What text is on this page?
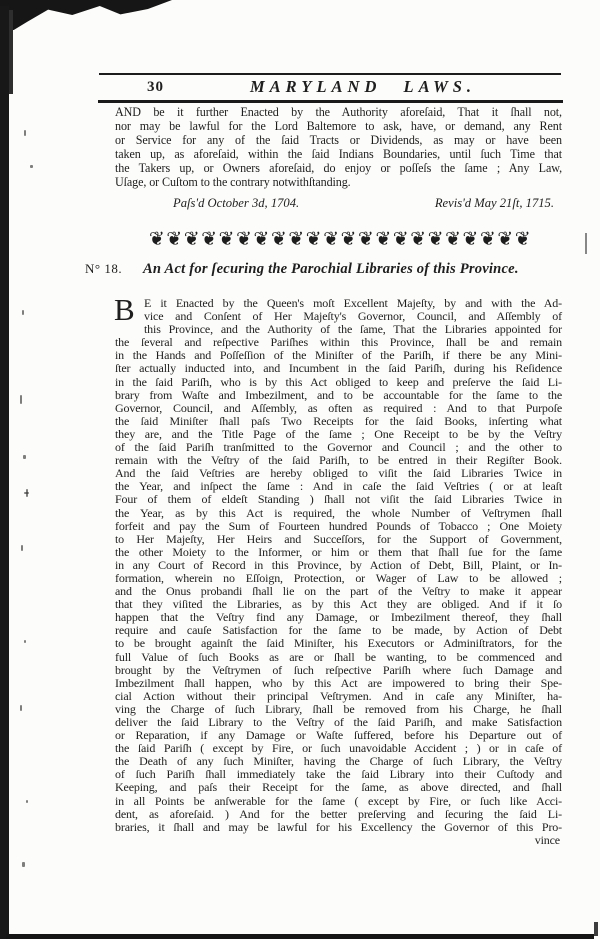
30	MARYLAND LAWS.
AND be it further Enacted by the Authority aforeſaid, That it ſhall not,
nor may be lawful for the Lord Baltemore to ask, have, or demand, any Rent
or Service for any of the ſaid Tracts or Dividends, as may or have been
taken up, as aforeſaid, within the ſaid Indians Boundaries, until ſuch Time that
the Takers up, or Owners aforeſaid, do enjoy or poſſeſs the ſame ; Any Law,
Uſage, or Cuſtom to the contrary notwithſtanding.
Paſs'd October 3d, 1704.	Revis'd May 21ſt, 1715.
❦❦❦❦❦❦❦❦❦❦❦❦❦❦❦❦❦❦❦❦❦❦
N° 18.	An Act for ſecuring the Parochial Libraries of this Province.
B E it Enacted by the Queen's moſt Excellent Majeſty, by and with the Ad-
vice and Conſent of Her Majeſty's Governor, Council, and Aſſembly of
this Province, and the Authority of the ſame, That the Libraries appointed for
the ſeveral and reſpective Pariſhes within this Province, ſhall be and remain
in the Hands and Poſſeſſion of the Miniſter of the Pariſh, if there be any Mini-
ſter actually inducted into, and Incumbent in the ſaid Pariſh, during his Reſidence
in the ſaid Pariſh, who is by this Act obliged to keep and preſerve the ſaid Li-
brary from Waſte and Imbezilment, and to be accountable for the ſame to the
Governor, Council, and Aſſembly, as often as required : And to that Purpoſe
the ſaid Miniſter ſhall paſs Two Receipts for the ſaid Books, inſerting what
they are, and the Title Page of the ſame ; One Receipt to be by the Veſtry
of the ſaid Pariſh tranſmitted to the Governor and Council ; and the other to
remain with the Veſtry of the ſaid Pariſh, to be entred in their Regiſter Book.
And the ſaid Veſtries are hereby obliged to viſit the ſaid Libraries Twice in
the Year, and inſpect the ſame : And in caſe the ſaid Veſtries ( or at leaſt
Four of them of eldeſt Standing ) ſhall not viſit the ſaid Libraries Twice in
the Year, as by this Act is required, the whole Number of Veſtrymen ſhall
forfeit and pay the Sum of Fourteen hundred Pounds of Tobacco ; One Moiety
to Her Majeſty, Her Heirs and Succeſſors, for the Support of Government,
the other Moiety to the Informer, or him or them that ſhall ſue for the ſame
in any Court of Record in this Province, by Action of Debt, Bill, Plaint, or In-
formation, wherein no Eſſoign, Protection, or Wager of Law to be allowed ;
and the Onus probandi ſhall lie on the part of the Veſtry to make it appear
that they viſited the Libraries, as by this Act they are obliged. And if it ſo
happen that the Veſtry find any Damage, or Imbezilment thereof, they ſhall
require and cauſe Satisfaction for the ſame to be made, by Action of Debt
to be brought againſt the ſaid Miniſter, his Executors or Adminiſtrators, for the
full Value of ſuch Books as are or ſhall be wanting, to be commenced and
brought by the Veſtrymen of ſuch reſpective Pariſh where ſuch Damage and
Imbezilment ſhall happen, who by this Act are impowered to bring their Spe-
cial Action without their principal Veſtrymen. And in caſe any Miniſter, ha-
ving the Charge of ſuch Library, ſhall be removed from his Charge, he ſhall
deliver the ſaid Library to the Veſtry of the ſaid Pariſh, and make Satisfaction
or Reparation, if any Damage or Waſte ſuffered, before his Departure out of
the ſaid Pariſh ( except by Fire, or ſuch unavoidable Accident ; ) or in caſe of
the Death of any ſuch Miniſter, having the Charge of ſuch Library, the Veſtry
of ſuch Pariſh ſhall immediately take the ſaid Library into their Cuſtody and
Keeping, and paſs their Receipt for the ſame, as above directed, and ſhall
in all Points be anſwerable for the ſame ( except by Fire, or ſuch like Acci-
dent, as aforeſaid. ) And for the better preſerving and ſecuring the ſaid Li-
braries, it ſhall and may be lawful for his Excellency the Governor of this Pro-
vince
